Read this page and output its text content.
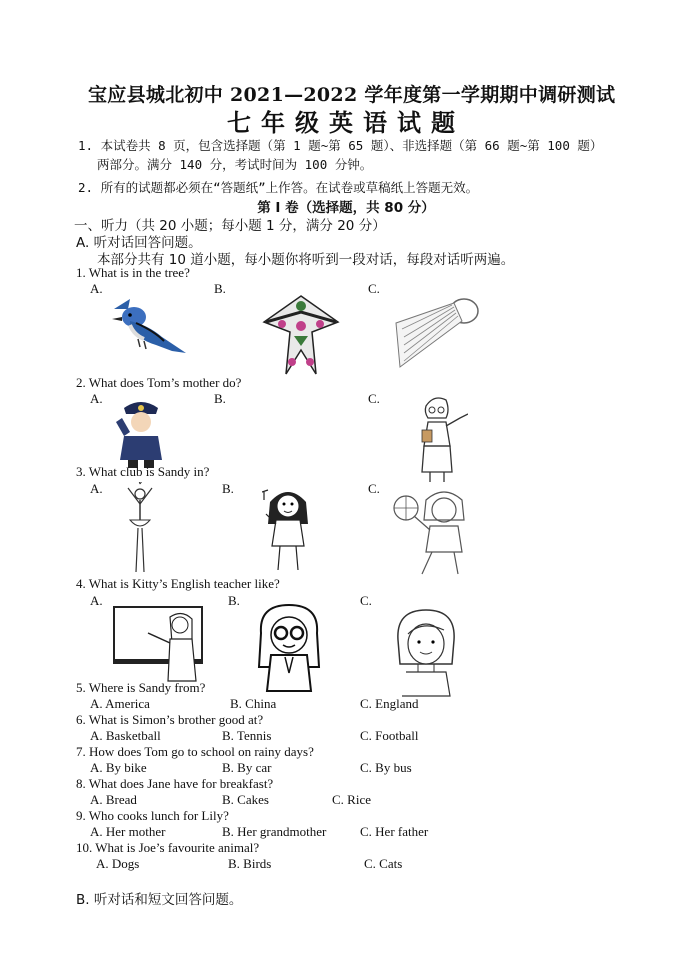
宝应县城北初中 2021—2022 学年度第一学期期中调研测试
七年级英语试题
1. 本试卷共 8 页，包含选择题（第 1 题~第 65 题）、非选择题（第 66 题~第 100 题）
两部分。满分 140 分，考试时间为 100 分钟。
2. 所有的试题都必须在“答题纸”上作答。在试卷或草稿纸上答题无效。
第 I 卷（选择题，共 80 分）
一、听力（共 20 小题；每小题 1 分，满分 20 分）
A. 听对话回答问题。
本部分共有 10 道小题，每小题你将听到一段对话，每段对话听两遍。
1. What is in the tree?
A.	B.	C.
2. What does Tom’s mother do?
A.	B.	C.
3. What club is Sandy in?
A.	B.	C.
4. What is Kitty’s English teacher like?
A.	B.	C.
5. Where is Sandy from?
A. America	B. China	C. England
6. What is Simon’s brother good at?
A. Basketball	B. Tennis	C. Football
7. How does Tom go to school on rainy days?
A. By bike	B. By car	C. By bus
8. What does Jane have for breakfast?
A. Bread	B. Cakes	C. Rice
9. Who cooks lunch for Lily?
A. Her mother	B. Her grandmother	C. Her father
10. What is Joe’s favourite animal?
A. Dogs	B. Birds	C. Cats
B. 听对话和短文回答问题。
